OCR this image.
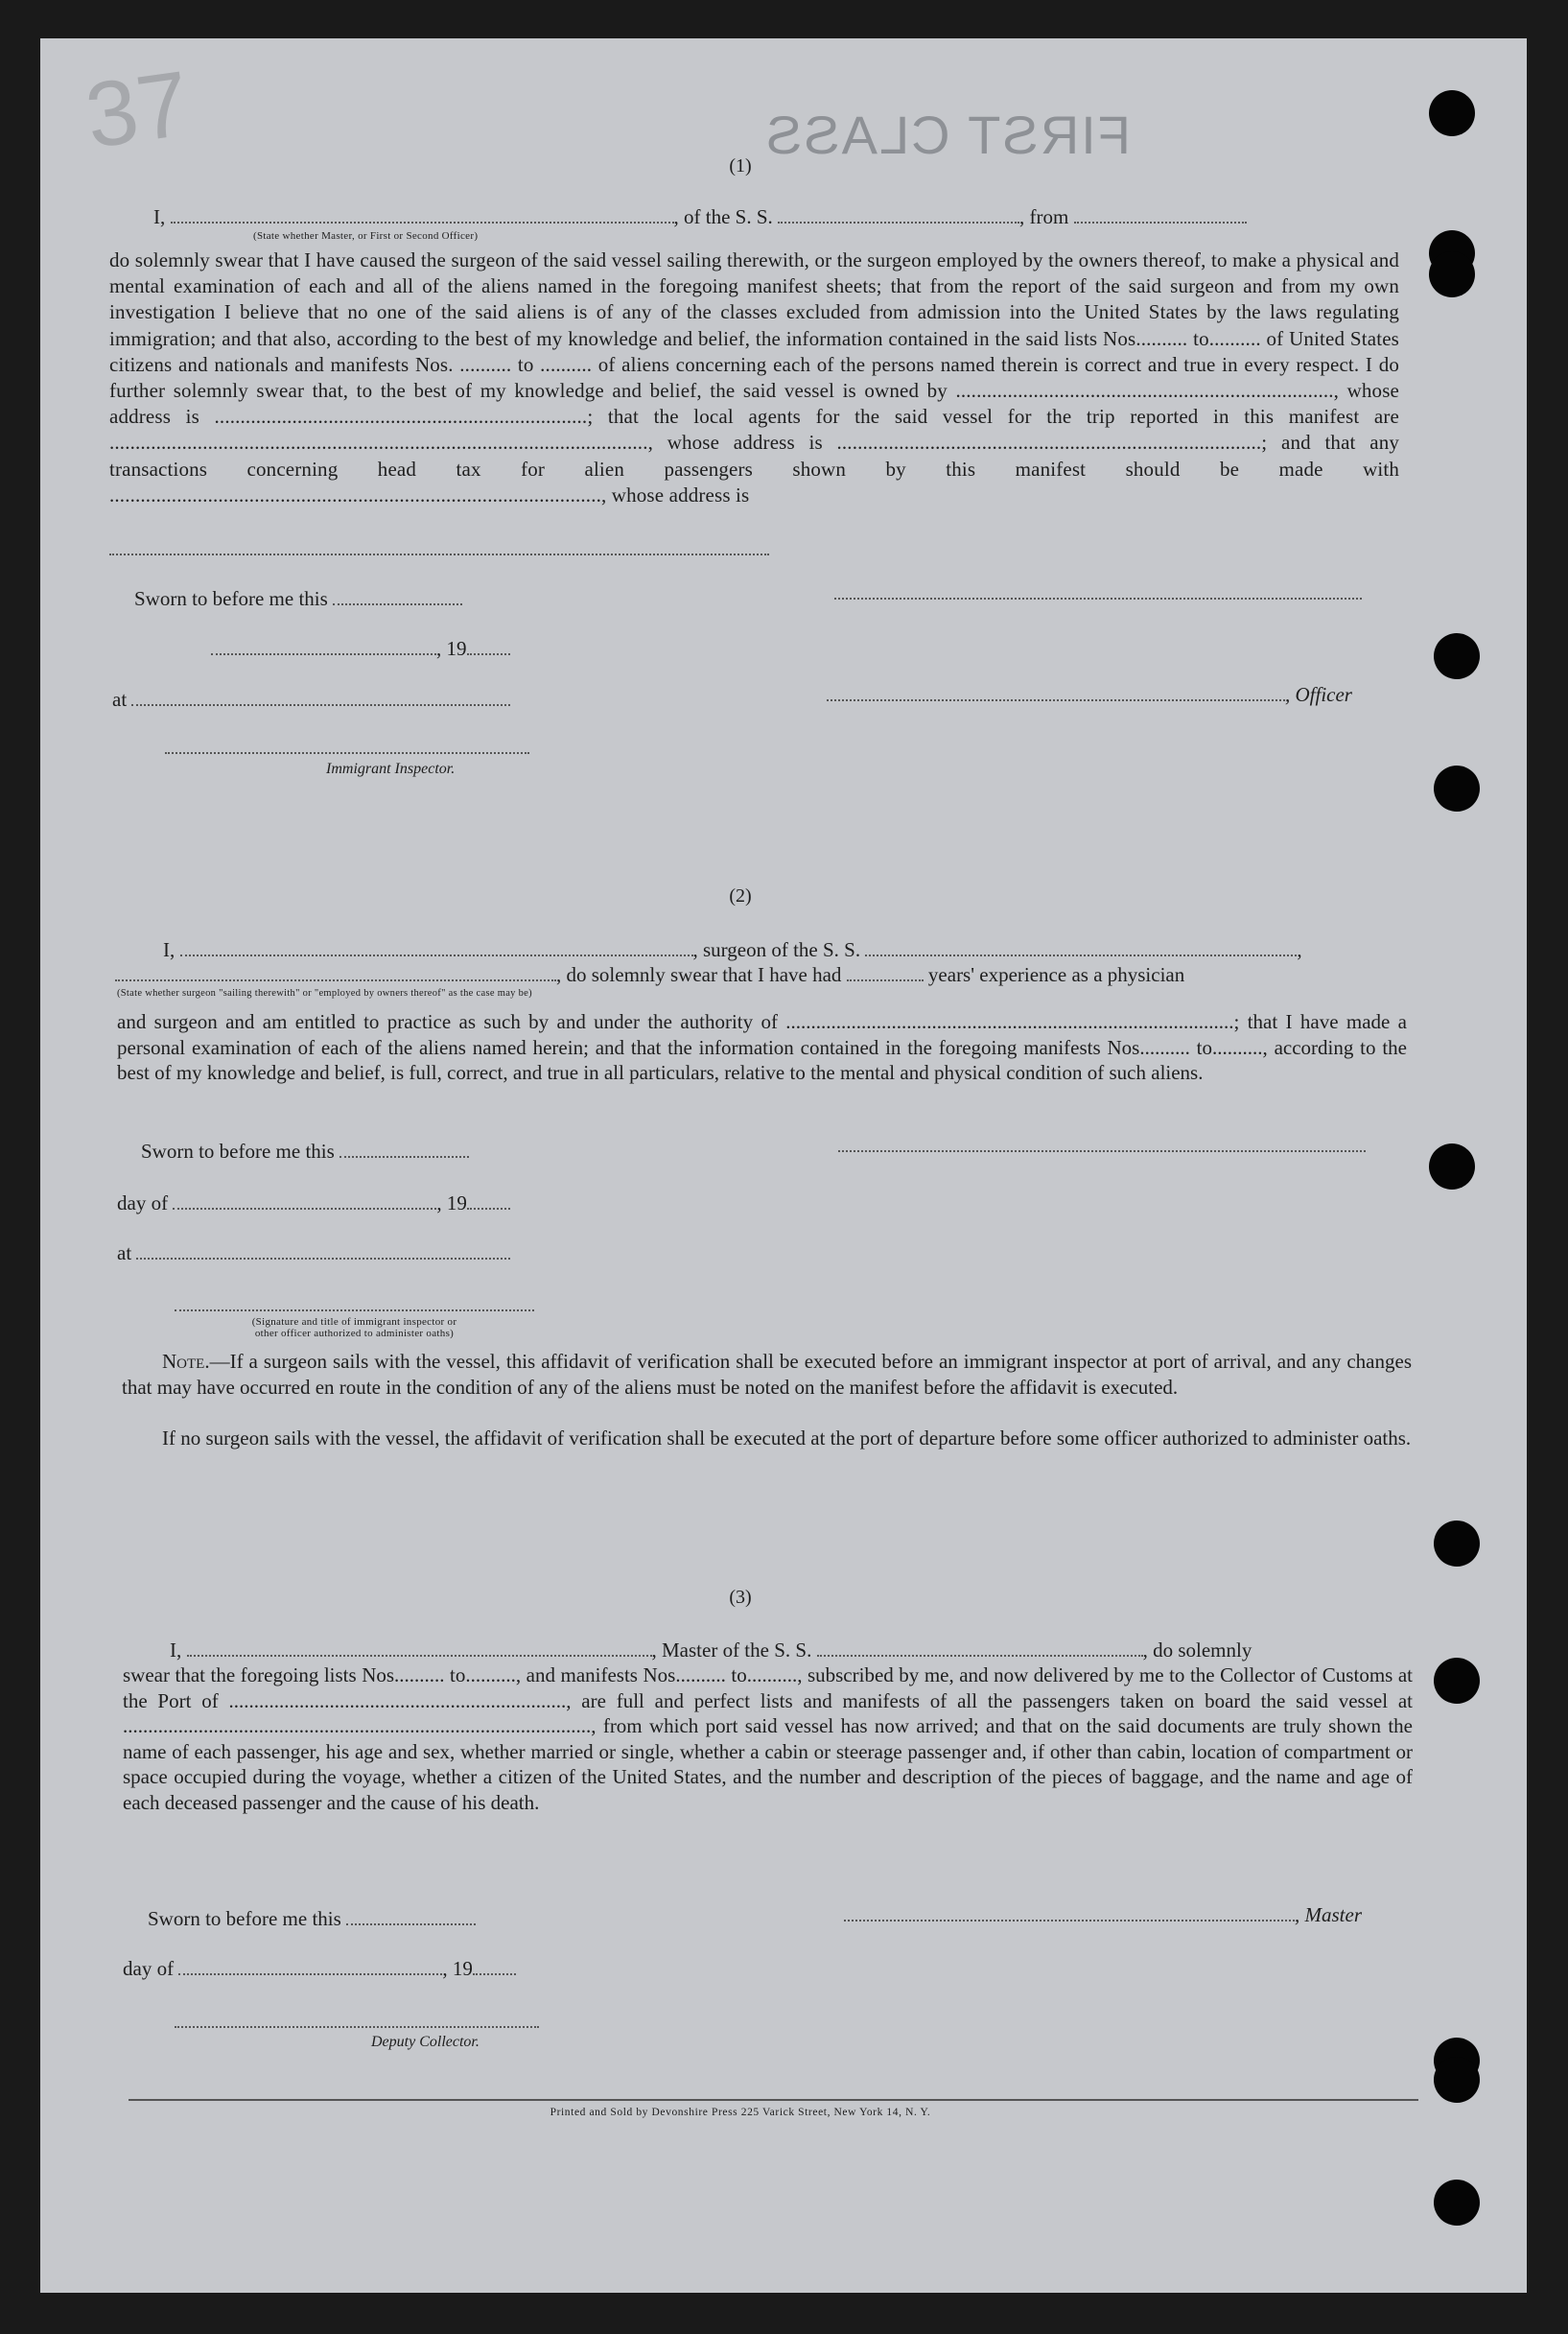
37	FIRST CLASS
(1)
I,	, of the S. S.	, from
(State whether Master, or First or Second Officer)
do solemnly swear that I have caused the surgeon of the said vessel sailing therewith, or the surgeon employed by the owners thereof, to make a physical and mental examination of each and all of the aliens named in the foregoing manifest sheets; that from the report of the said surgeon and from my own investigation I believe that no one of the said aliens is of any of the classes excluded from admission into the United States by the laws regulating immigration; and that also, according to the best of my knowledge and belief, the information contained in the said lists Nos.......... to.......... of United States citizens and nationals and manifests Nos. .......... to .......... of aliens concerning each of the persons named therein is correct and true in every respect. I do further solemnly swear that, to the best of my knowledge and belief, the said vessel is owned by ........................................................................., whose address is ........................................................................; that the local agents for the said vessel for the trip reported in this manifest are ........................................................................................................, whose address is ..................................................................................; and that any transactions concerning head tax for alien passengers shown by this manifest should be made with ..............................................................................................., whose address is
Sworn to before me this
, 19
at	, Officer
Immigrant Inspector.
(2)
I,	, surgeon of the S. S.	,
, do solemnly swear that I have had	years' experience as a physician
(State whether surgeon "sailing therewith" or "employed by owners thereof" as the case may be)
and surgeon and am entitled to practice as such by and under the authority of .........................................................................................; that I have made a personal examination of each of the aliens named herein; and that the information contained in the foregoing manifests Nos.......... to.........., according to the best of my knowledge and belief, is full, correct, and true in all particulars, relative to the mental and physical condition of such aliens.
Sworn to before me this
day of	, 19
at
(Signature and title of immigrant inspector or
other officer authorized to administer oaths)
Note.—If a surgeon sails with the vessel, this affidavit of verification shall be executed before an immigrant inspector at port of arrival, and any changes that may have occurred en route in the condition of any of the aliens must be noted on the manifest before the affidavit is executed.
If no surgeon sails with the vessel, the affidavit of verification shall be executed at the port of departure before some officer authorized to administer oaths.
(3)
I,	, Master of the S. S.	, do solemnly
swear that the foregoing lists Nos.......... to.........., and manifests Nos.......... to.........., subscribed by me, and now delivered by me to the Collector of Customs at the Port of ..................................................................., are full and perfect lists and manifests of all the passengers taken on board the said vessel at ............................................................................................., from which port said vessel has now arrived; and that on the said documents are truly shown the name of each passenger, his age and sex, whether married or single, whether a cabin or steerage passenger and, if other than cabin, location of compartment or space occupied during the voyage, whether a citizen of the United States, and the number and description of the pieces of baggage, and the name and age of each deceased passenger and the cause of his death.
Sworn to before me this	, Master
day of	, 19
Deputy Collector.
Printed and Sold by Devonshire Press 225 Varick Street, New York 14, N. Y.
